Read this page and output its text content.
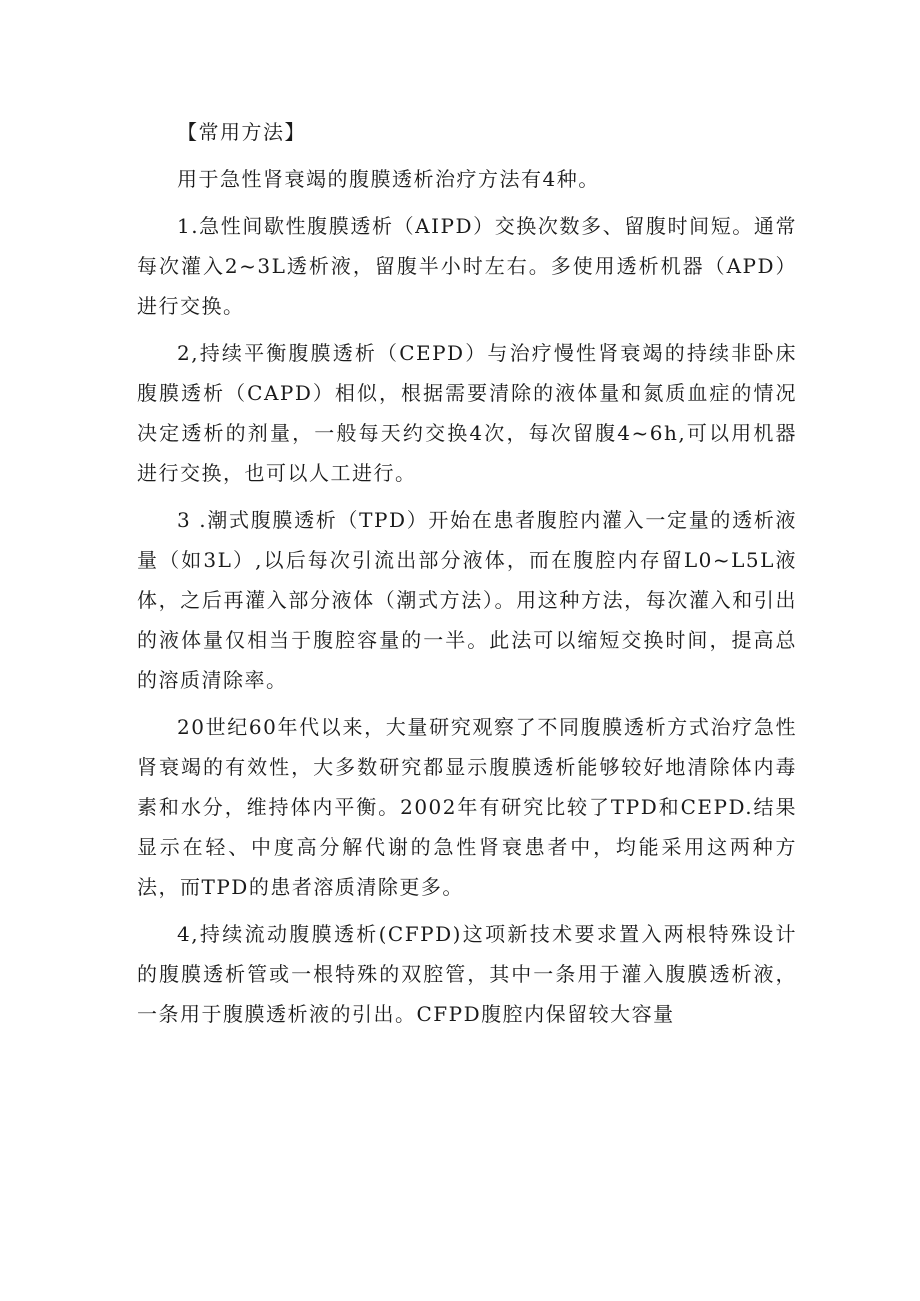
【常用方法】

用于急性肾衰竭的腹膜透析治疗方法有4种。

1.急性间歇性腹膜透析（AIPD）交换次数多、留腹时间短。通常每次灌入2~3L透析液，留腹半小时左右。多使用透析机器（APD）进行交换。

2,持续平衡腹膜透析（CEPD）与治疗慢性肾衰竭的持续非卧床腹膜透析（CAPD）相似，根据需要清除的液体量和氮质血症的情况决定透析的剂量，一般每天约交换4次，每次留腹4~6h,可以用机器进行交换，也可以人工进行。

3 .潮式腹膜透析（TPD）开始在患者腹腔内灌入一定量的透析液量（如3L）,以后每次引流出部分液体，而在腹腔内存留L0~L5L液体，之后再灌入部分液体（潮式方法）。用这种方法，每次灌入和引出的液体量仅相当于腹腔容量的一半。此法可以缩短交换时间，提高总的溶质清除率。

20世纪60年代以来，大量研究观察了不同腹膜透析方式治疗急性肾衰竭的有效性，大多数研究都显示腹膜透析能够较好地清除体内毒素和水分，维持体内平衡。2002年有研究比较了TPD和CEPD.结果显示在轻、中度高分解代谢的急性肾衰患者中，均能采用这两种方法，而TPD的患者溶质清除更多。

4,持续流动腹膜透析(CFPD)这项新技术要求置入两根特殊设计的腹膜透析管或一根特殊的双腔管，其中一条用于灌入腹膜透析液，一条用于腹膜透析液的引出。CFPD腹腔内保留较大容量
